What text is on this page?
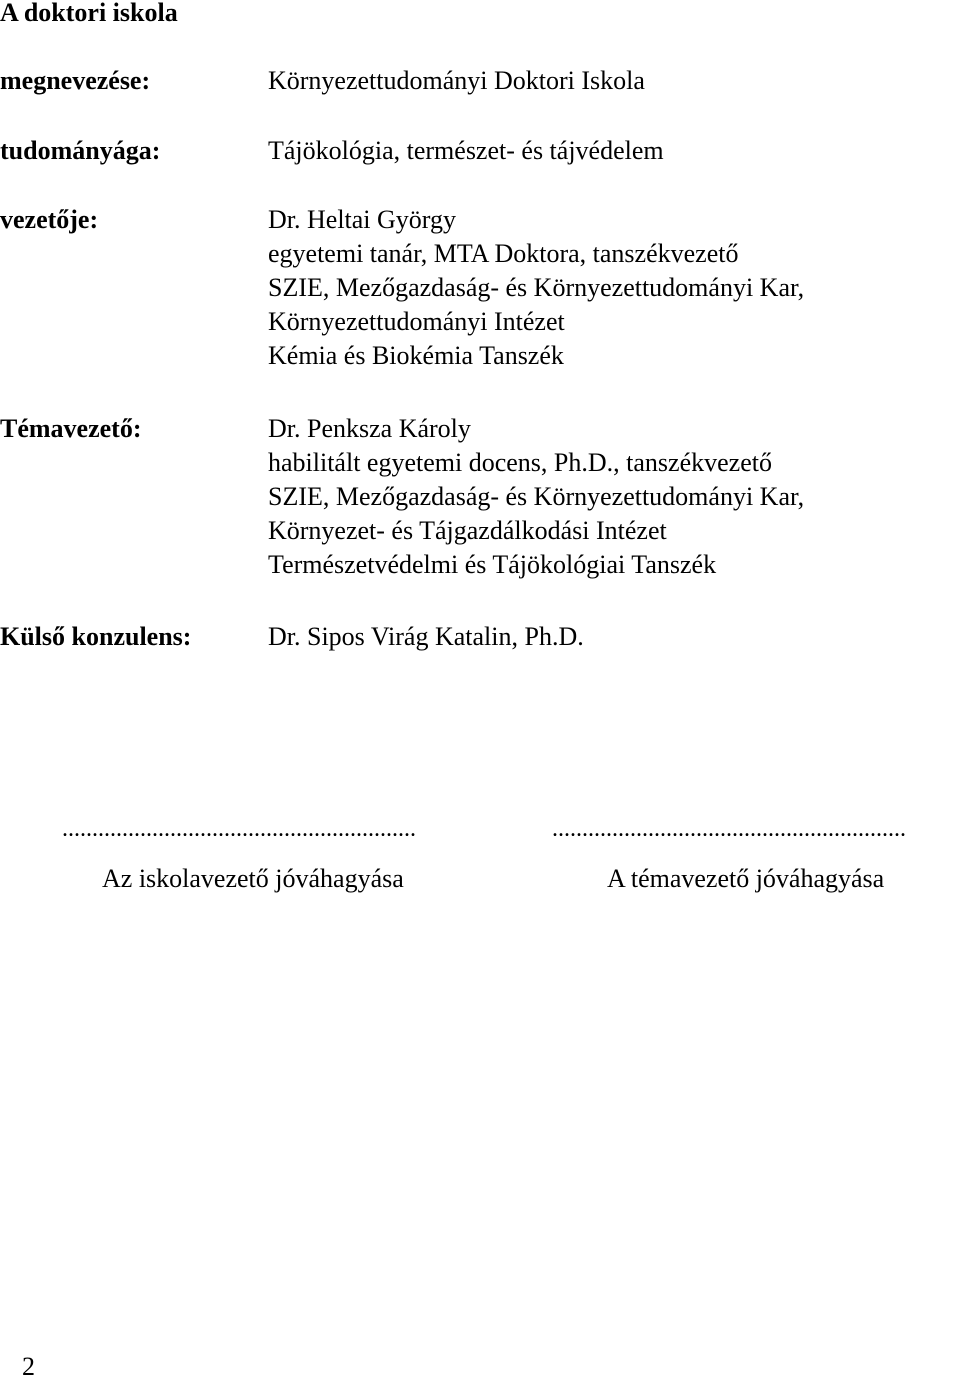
A doktori iskola
megnevezése:	Környezettudományi Doktori Iskola
tudományága:	Tájökológia, természet- és tájvédelem
vezetője:	Dr. Heltai György
egyetemi tanár, MTA Doktora, tanszékvezető
SZIE, Mezőgazdaság- és Környezettudományi Kar,
Környezettudományi Intézet
Kémia és Biokémia Tanszék
Témavezető:	Dr. Penksza Károly
habilitált egyetemi docens, Ph.D., tanszékvezető
SZIE, Mezőgazdaság- és Környezettudományi Kar,
Környezet- és Tájgazdálkodási Intézet
Természetvédelmi és Tájökológiai Tanszék
Külső konzulens:	Dr. Sipos Virág Katalin, Ph.D.
...........................................................	...........................................................
Az iskolavezető jóváhagyása	A témavezető jóváhagyása
2
